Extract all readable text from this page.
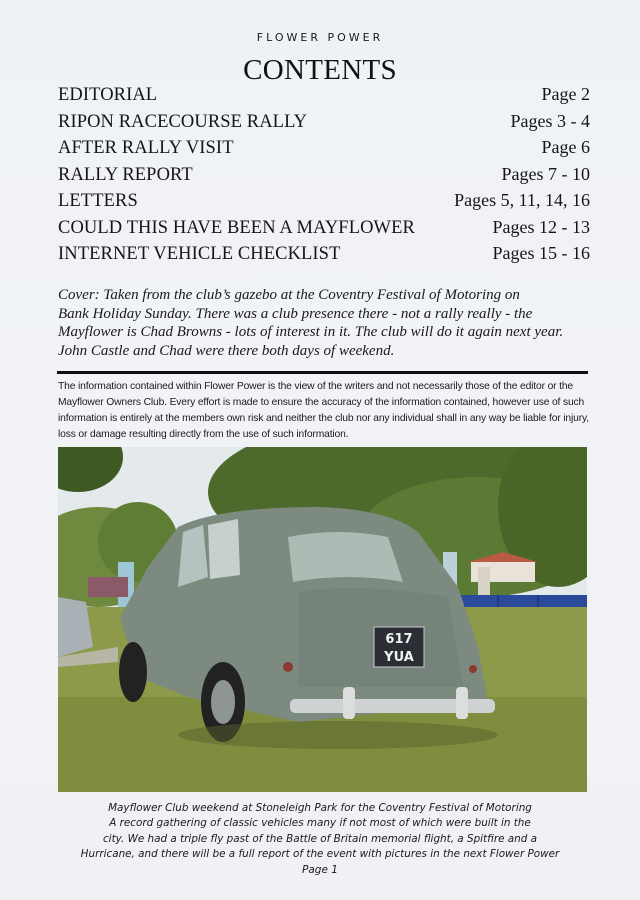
FLOWER POWER
CONTENTS
EDITORIAL	Page 2
RIPON RACECOURSE RALLY	Pages 3 - 4
AFTER RALLY VISIT	Page 6
RALLY REPORT	Pages 7 - 10
LETTERS	Pages 5, 11, 14, 16
COULD THIS HAVE BEEN A MAYFLOWER	Pages 12 - 13
INTERNET VEHICLE CHECKLIST	Pages 15 - 16
Cover: Taken from the club’s gazebo at the Coventry Festival of Motoring on
Bank Holiday Sunday. There was a club presence there - not a rally really - the
Mayflower is Chad Browns - lots of interest in it. The club will do it again next year.
John Castle and Chad were there both days of weekend.
The information contained within Flower Power is the view of the writers and not necessarily those of the editor or the
Mayflower Owners Club. Every effort is made to ensure the accuracy of the information contained, however use of such
information is entirely at the members own risk and neither the club nor any individual shall in any way be liable for injury,
loss or damage resulting directly from the use of such information.
617
YUA
Mayflower Club weekend at Stoneleigh Park for the Coventry Festival of Motoring
A record gathering of classic vehicles many if not most of which were built in the
city. We had a triple fly past of the Battle of Britain memorial flight, a Spitfire and a
Hurricane, and there will be a full report of the event with pictures in the next Flower Power
Page 1
